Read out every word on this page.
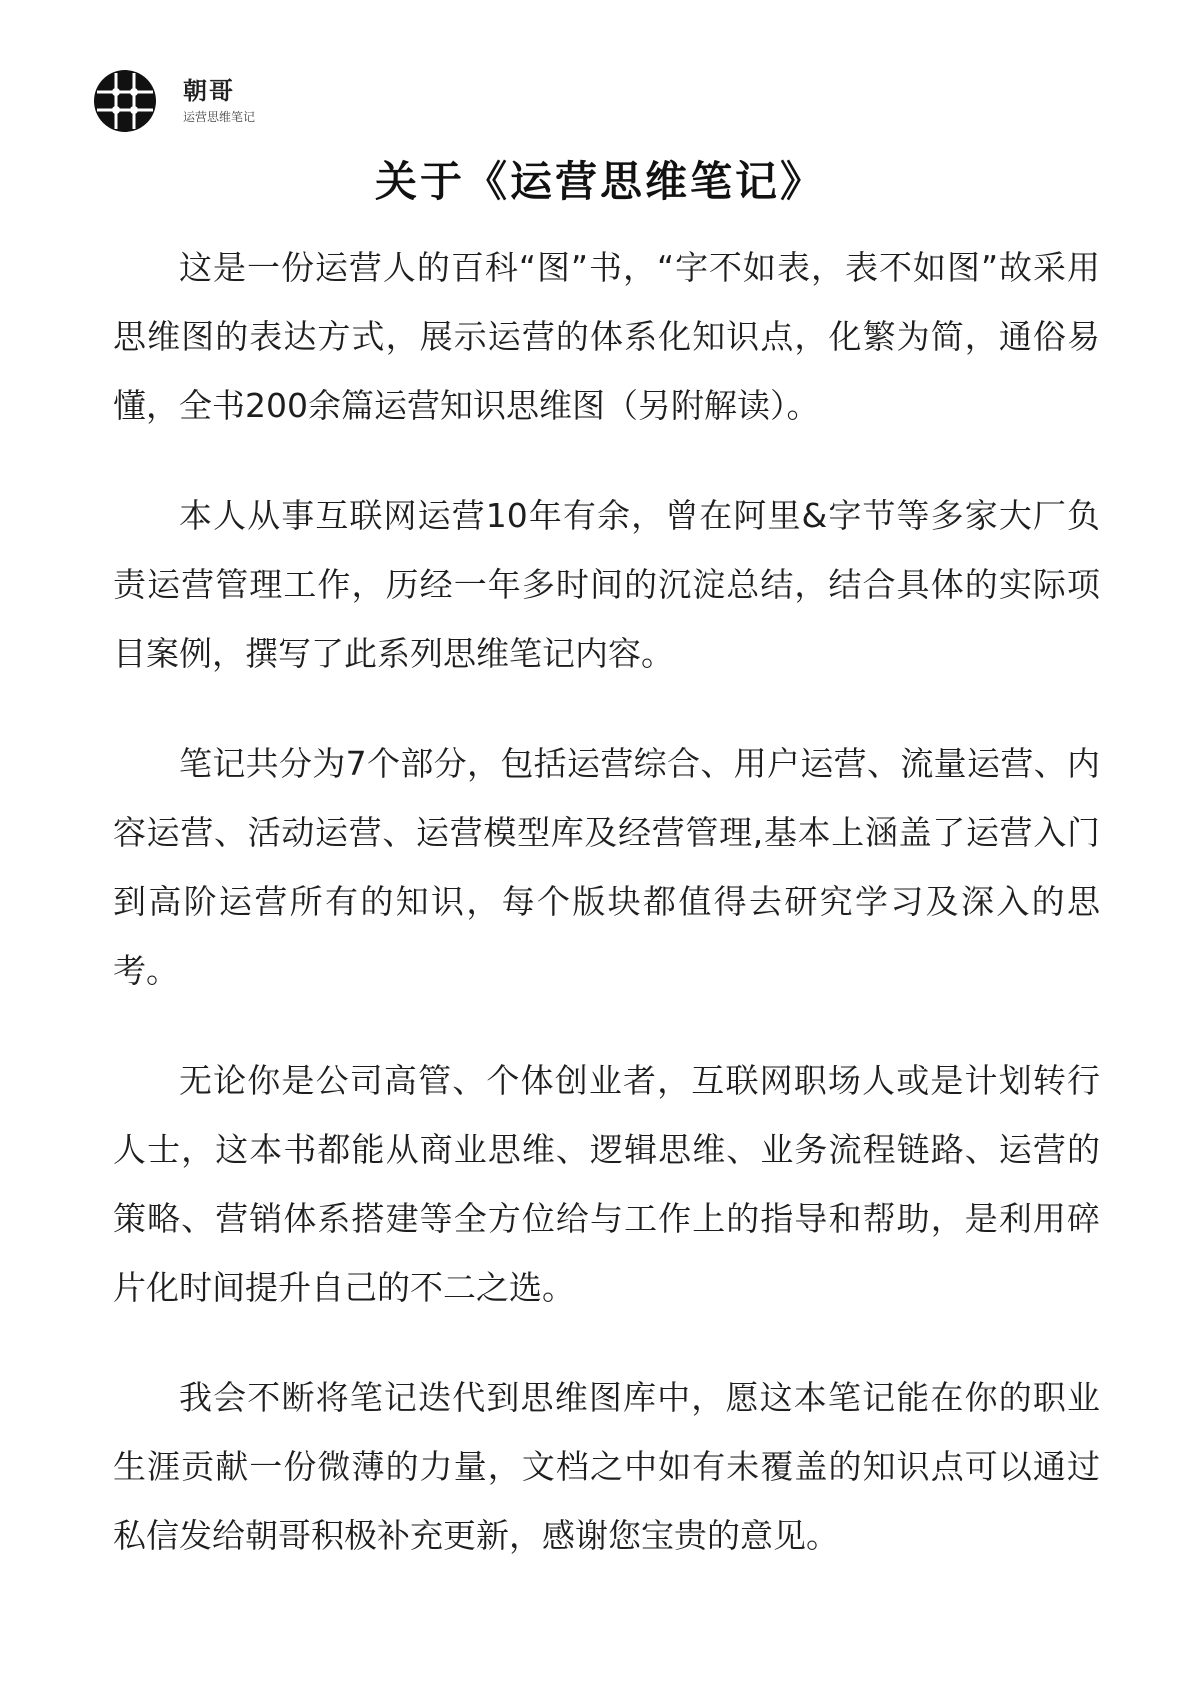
朝哥
运营思维笔记
关于《运营思维笔记》

这是一份运营人的百科“图”书，“字不如表，表不如图”故采用思维图的表达方式，展示运营的体系化知识点，化繁为简，通俗易懂，全书200余篇运营知识思维图（另附解读）。

本人从事互联网运营10年有余，曾在阿里&字节等多家大厂负责运营管理工作，历经一年多时间的沉淀总结，结合具体的实际项目案例，撰写了此系列思维笔记内容。

笔记共分为7个部分，包括运营综合、用户运营、流量运营、内容运营、活动运营、运营模型库及经营管理,基本上涵盖了运营入门到高阶运营所有的知识，每个版块都值得去研究学习及深入的思考。

无论你是公司高管、个体创业者，互联网职场人或是计划转行人士，这本书都能从商业思维、逻辑思维、业务流程链路、运营的策略、营销体系搭建等全方位给与工作上的指导和帮助，是利用碎片化时间提升自己的不二之选。

我会不断将笔记迭代到思维图库中，愿这本笔记能在你的职业生涯贡献一份微薄的力量，文档之中如有未覆盖的知识点可以通过私信发给朝哥积极补充更新，感谢您宝贵的意见。
